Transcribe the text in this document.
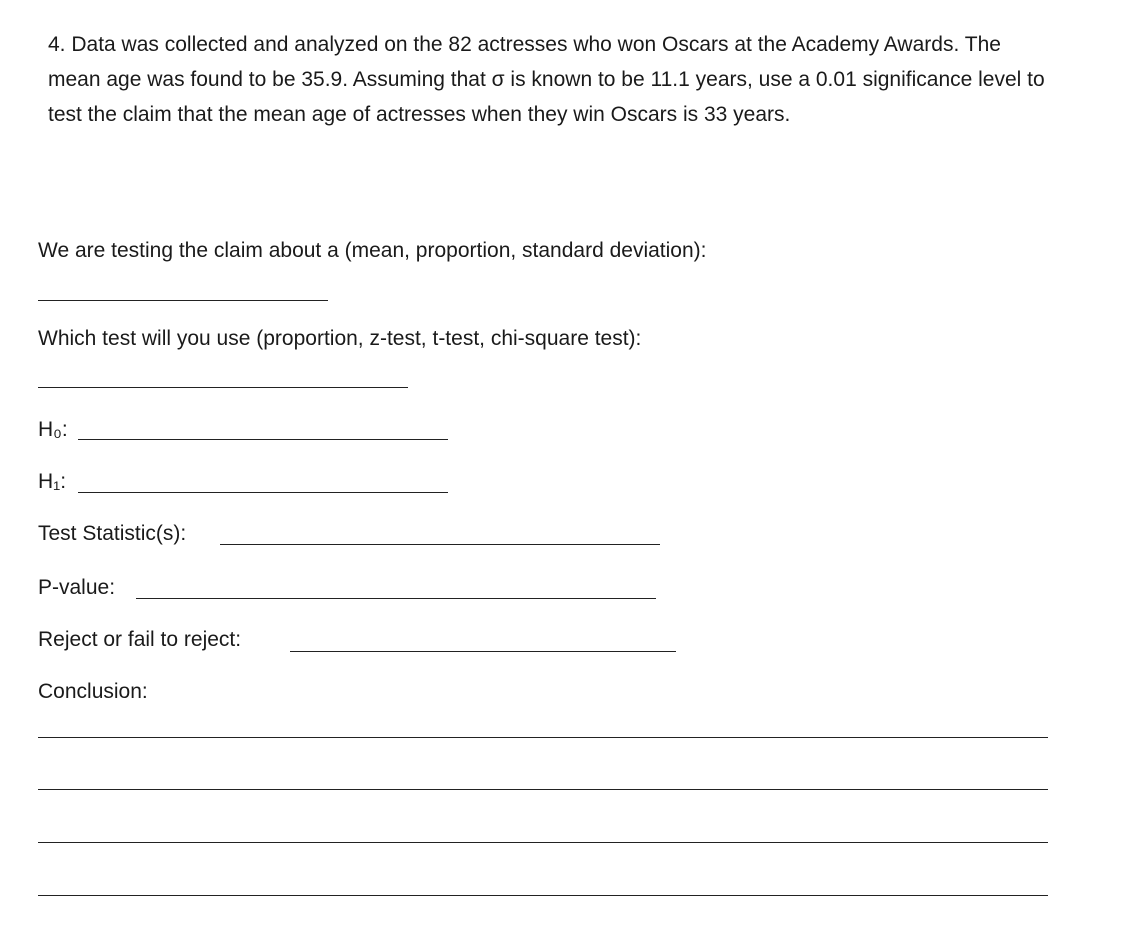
4. Data was collected and analyzed on the 82 actresses who won Oscars at the Academy Awards. The mean age was found to be 35.9. Assuming that σ is known to be 11.1 years, use a 0.01 significance level to test the claim that the mean age of actresses when they win Oscars is 33 years.

We are testing the claim about a (mean, proportion, standard deviation):
Which test will you use (proportion, z-test, t-test, chi-square test):
H₀:
H₁:
Test Statistic(s):
P-value:
Reject or fail to reject:
Conclusion:
